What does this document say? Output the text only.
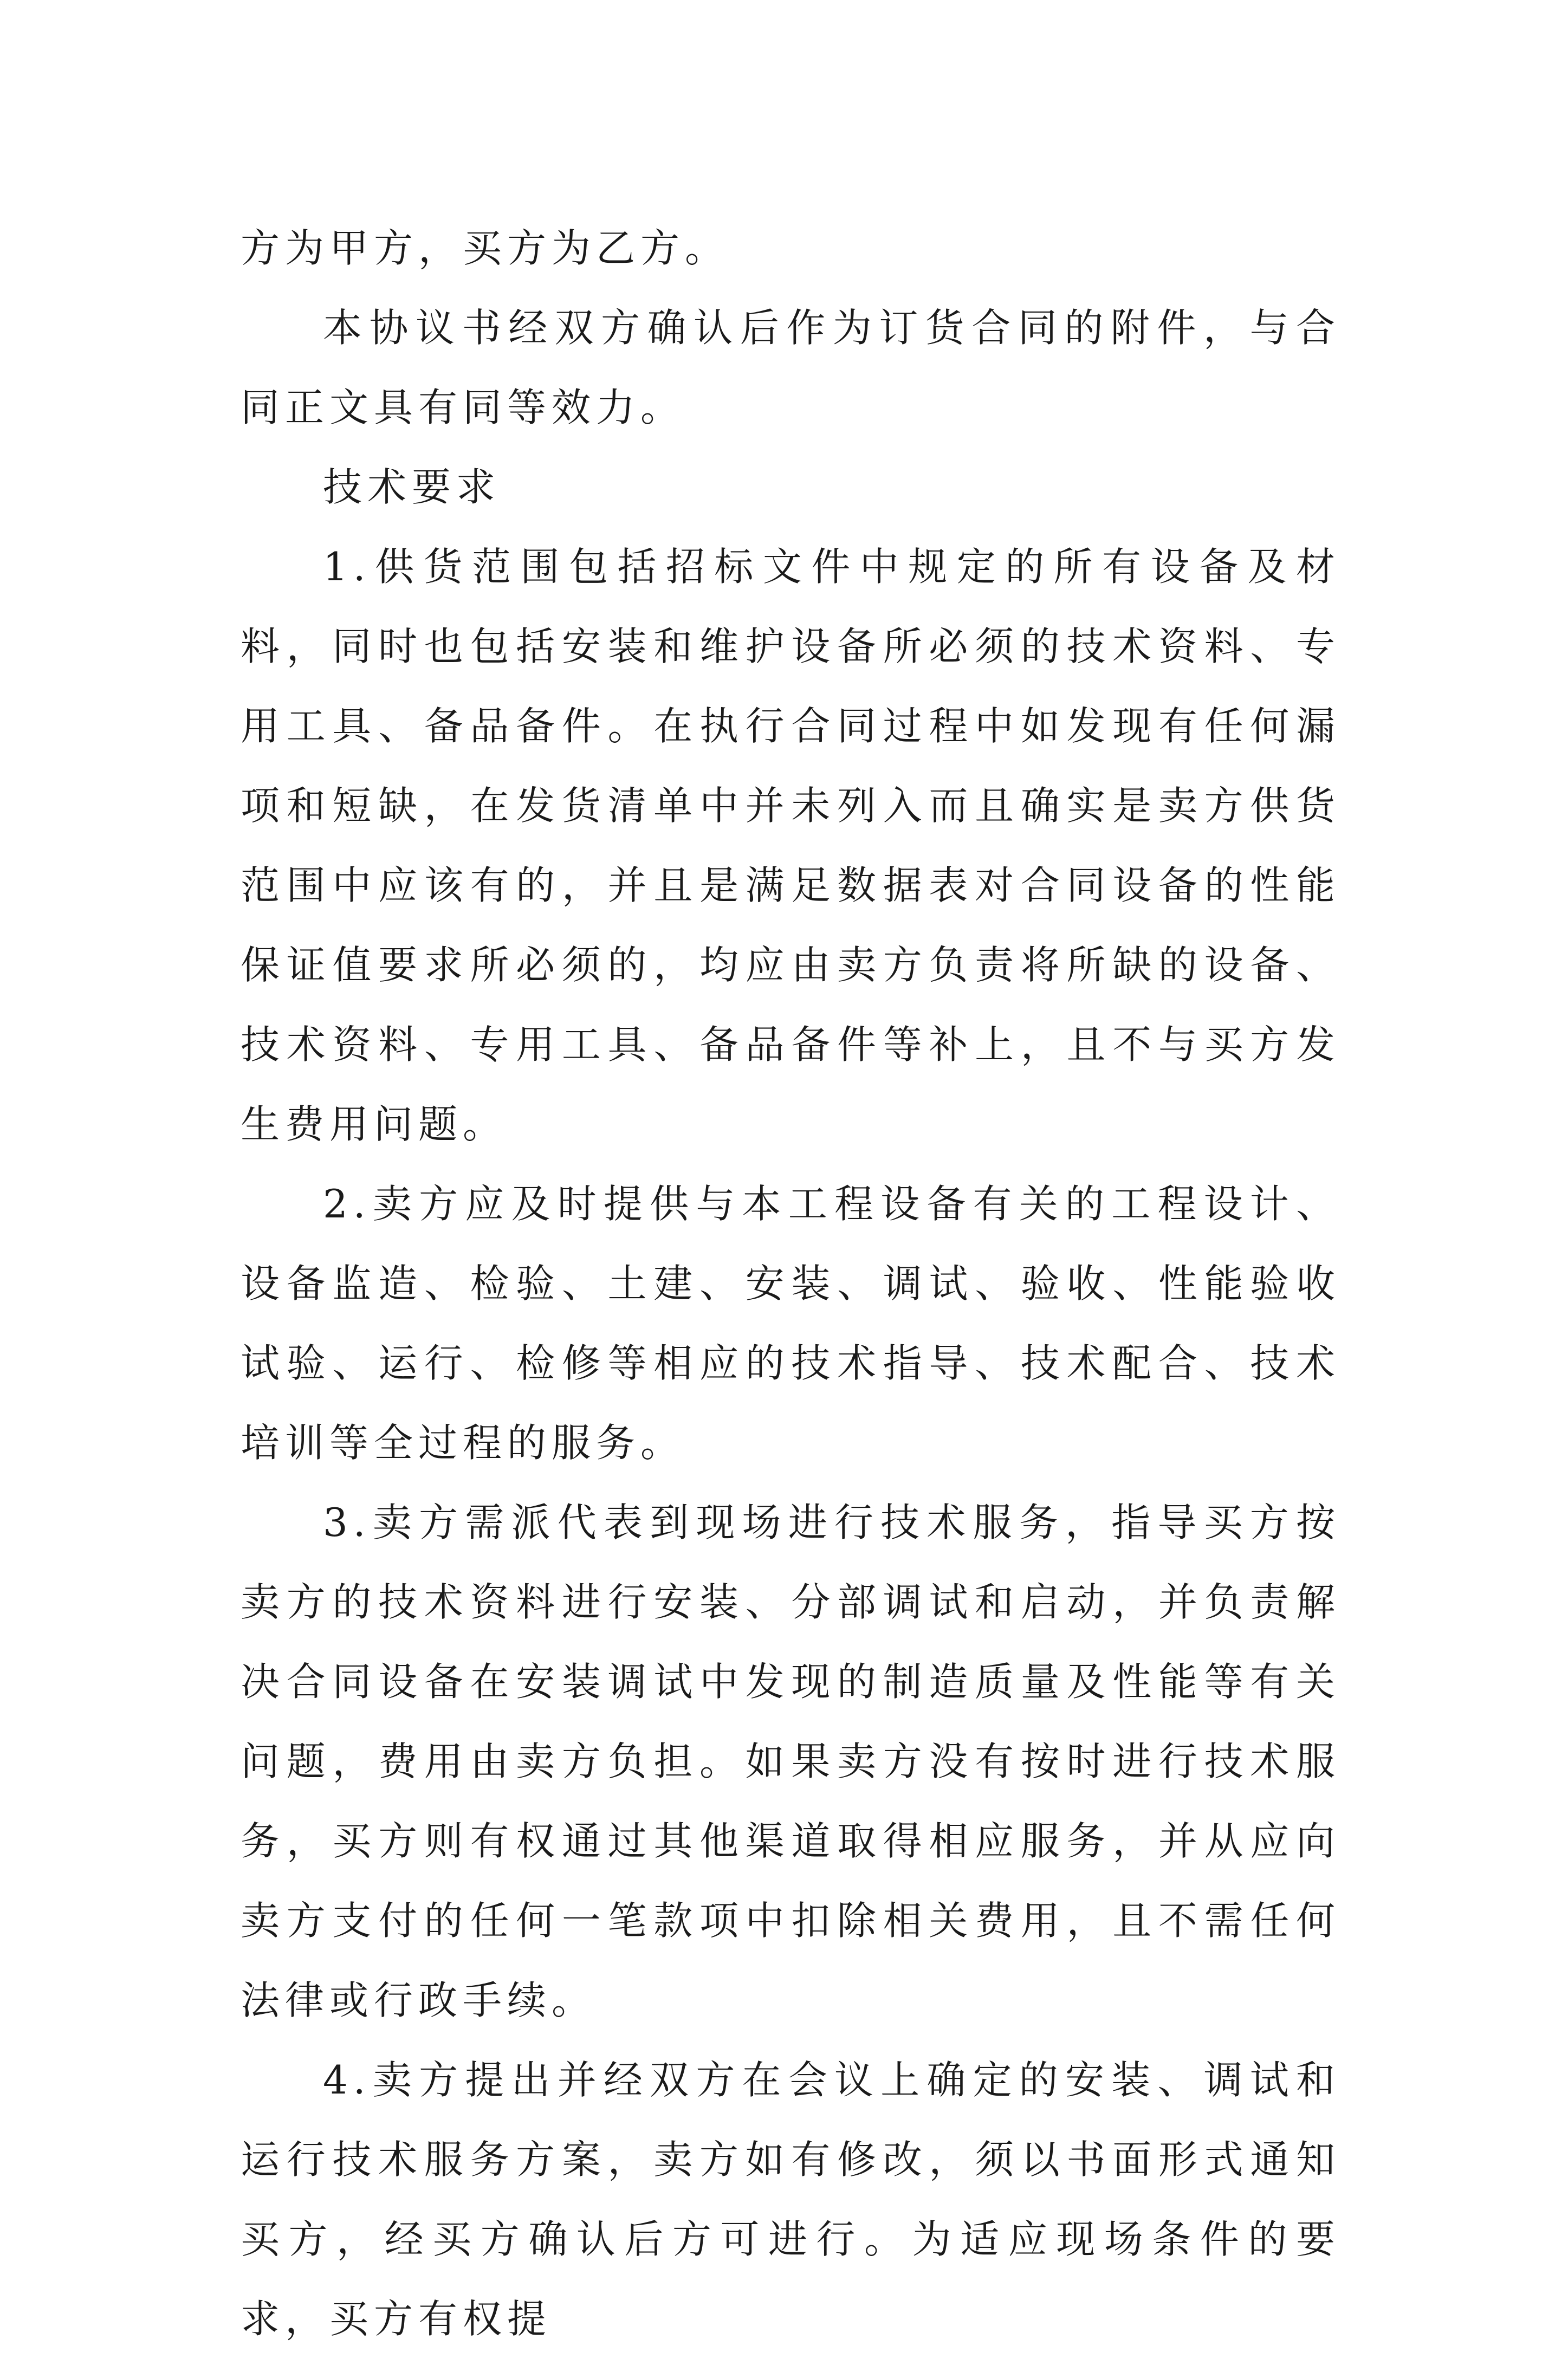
方为甲方，买方为乙方。

本协议书经双方确认后作为订货合同的附件，与合同正文具有同等效力。

技术要求

1.供货范围包括招标文件中规定的所有设备及材料，同时也包括安装和维护设备所必须的技术资料、专用工具、备品备件。在执行合同过程中如发现有任何漏项和短缺，在发货清单中并未列入而且确实是卖方供货范围中应该有的，并且是满足数据表对合同设备的性能保证值要求所必须的，均应由卖方负责将所缺的设备、技术资料、专用工具、备品备件等补上，且不与买方发生费用问题。

2.卖方应及时提供与本工程设备有关的工程设计、设备监造、检验、土建、安装、调试、验收、性能验收试验、运行、检修等相应的技术指导、技术配合、技术培训等全过程的服务。

3.卖方需派代表到现场进行技术服务，指导买方按卖方的技术资料进行安装、分部调试和启动，并负责解决合同设备在安装调试中发现的制造质量及性能等有关问题，费用由卖方负担。如果卖方没有按时进行技术服务，买方则有权通过其他渠道取得相应服务，并从应向卖方支付的任何一笔款项中扣除相关费用，且不需任何法律或行政手续。

4.卖方提出并经双方在会议上确定的安装、调试和运行技术服务方案，卖方如有修改，须以书面形式通知买方，经买方确认后方可进行。为适应现场条件的要求，买方有权提
